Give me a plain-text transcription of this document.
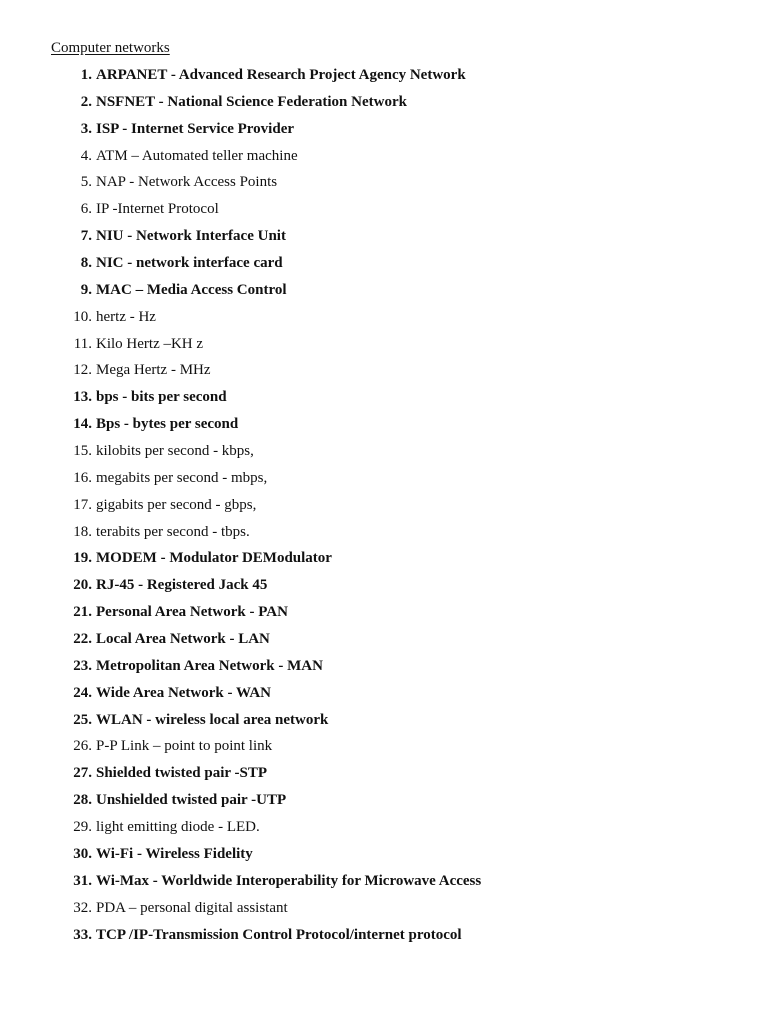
Computer networks
1. ARPANET - Advanced Research Project Agency Network
2. NSFNET - National Science Federation Network
3. ISP - Internet Service Provider
4. ATM – Automated teller machine
5. NAP - Network Access Points
6. IP -Internet Protocol
7. NIU - Network Interface Unit
8. NIC - network interface card
9. MAC – Media Access Control
10. hertz - Hz
11. Kilo Hertz –KH z
12. Mega Hertz - MHz
13. bps - bits per second
14. Bps - bytes per second
15. kilobits per second - kbps,
16. megabits per second - mbps,
17. gigabits per second - gbps,
18. terabits per second - tbps.
19. MODEM - Modulator DEModulator
20. RJ-45 - Registered Jack 45
21. Personal Area Network - PAN
22. Local Area Network - LAN
23. Metropolitan Area Network - MAN
24. Wide Area Network - WAN
25. WLAN - wireless local area network
26. P-P Link – point to point link
27. Shielded twisted pair -STP
28. Unshielded twisted pair -UTP
29. light emitting diode - LED.
30. Wi-Fi - Wireless Fidelity
31. Wi-Max - Worldwide Interoperability for Microwave Access
32. PDA – personal digital assistant
33. TCP /IP-Transmission Control Protocol/internet protocol
